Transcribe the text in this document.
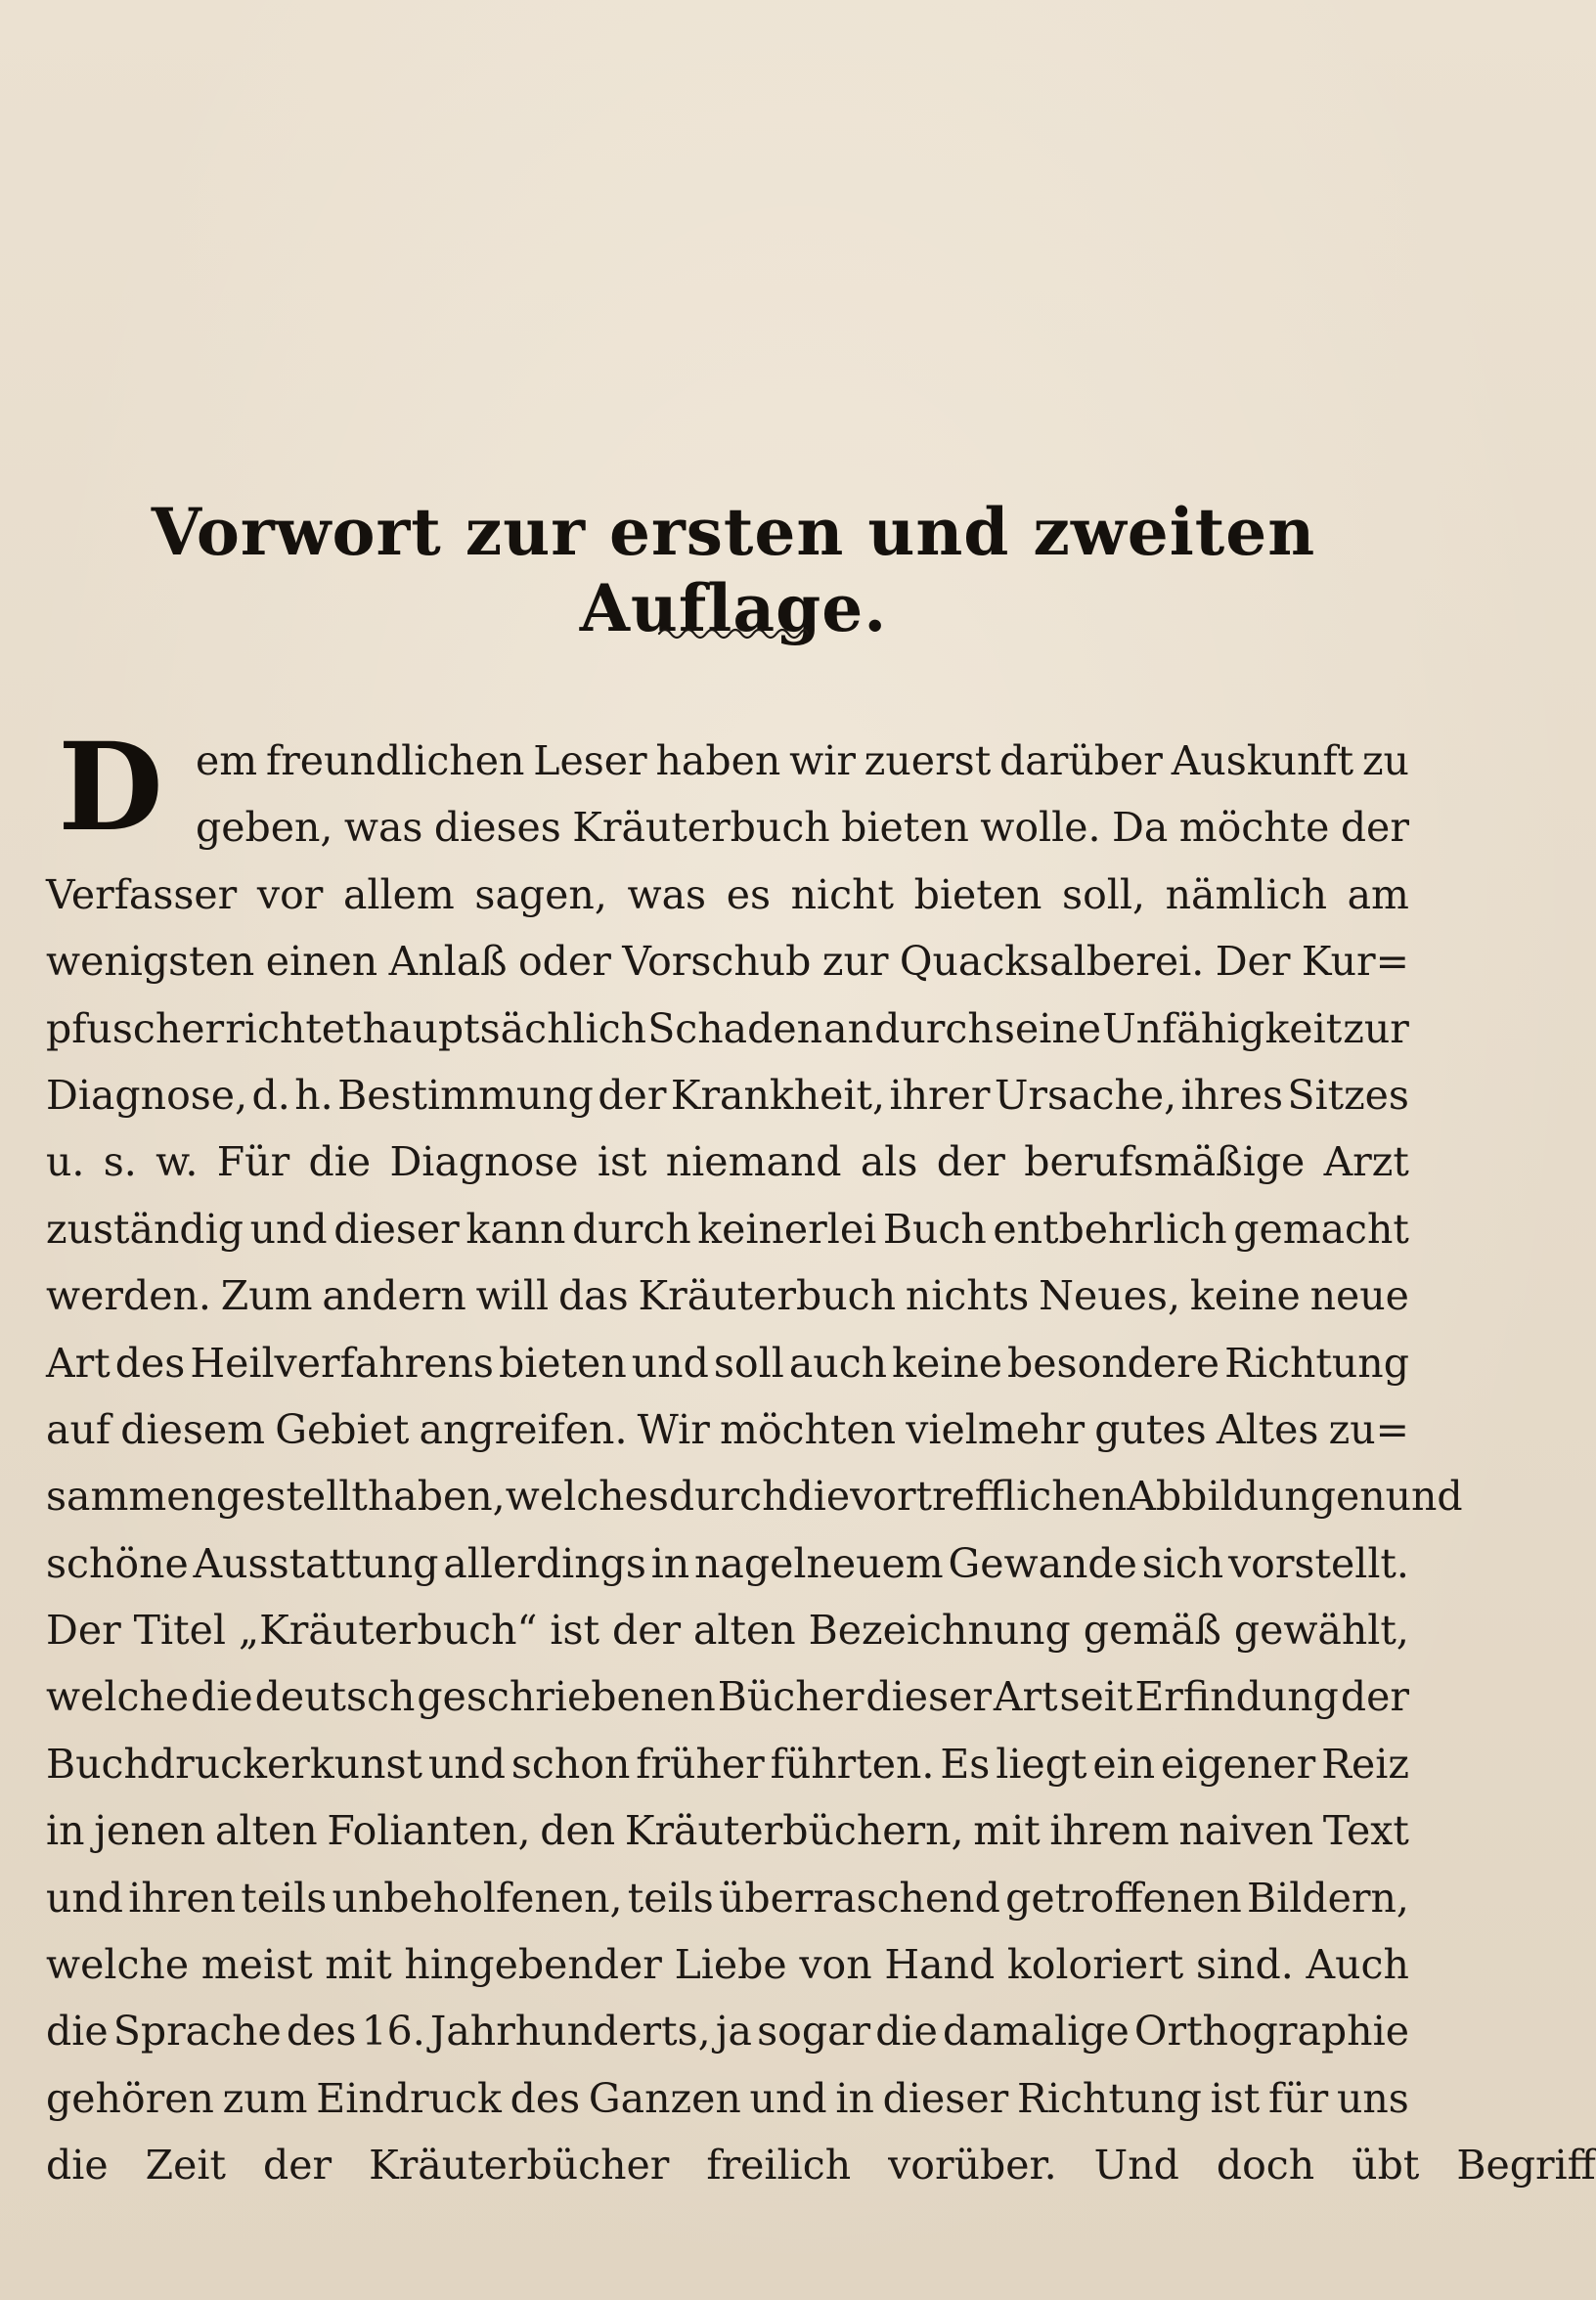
Vorwort zur ersten und zweiten Auflage.
D em freundlichen Leser haben wir zuerst darüber Auskunft zu
geben, was dieses Kräuterbuch bieten wolle. Da möchte der
Verfasser vor allem sagen, was es nicht bieten soll, nämlich am
wenigsten einen Anlaß oder Vorschub zur Quacksalberei. Der Kur=
pfuscher richtet hauptsächlich Schaden an durch seine Unfähigkeit zur
Diagnose, d. h. Bestimmung der Krankheit, ihrer Ursache, ihres Sitzes
u. s. w. Für die Diagnose ist niemand als der berufsmäßige Arzt
zuständig und dieser kann durch keinerlei Buch entbehrlich gemacht
werden. Zum andern will das Kräuterbuch nichts Neues, keine neue
Art des Heilverfahrens bieten und soll auch keine besondere Richtung
auf diesem Gebiet angreifen. Wir möchten vielmehr gutes Altes zu=
sammengestellt haben, welches durch die vortrefflichen Abbildungen und
schöne Ausstattung allerdings in nagelneuem Gewande sich vorstellt.
Der Titel „Kräuterbuch“ ist der alten Bezeichnung gemäß gewählt,
welche die deutsch geschriebenen Bücher dieser Art seit Erfindung der
Buchdruckerkunst und schon früher führten. Es liegt ein eigener Reiz
in jenen alten Folianten, den Kräuterbüchern, mit ihrem naiven Text
und ihren teils unbeholfenen, teils überraschend getroffenen Bildern,
welche meist mit hingebender Liebe von Hand koloriert sind. Auch
die Sprache des 16. Jahrhunderts, ja sogar die damalige Orthographie
gehören zum Eindruck des Ganzen und in dieser Richtung ist für uns
die Zeit der Kräuterbücher freilich vorüber. Und doch übt Begriff
